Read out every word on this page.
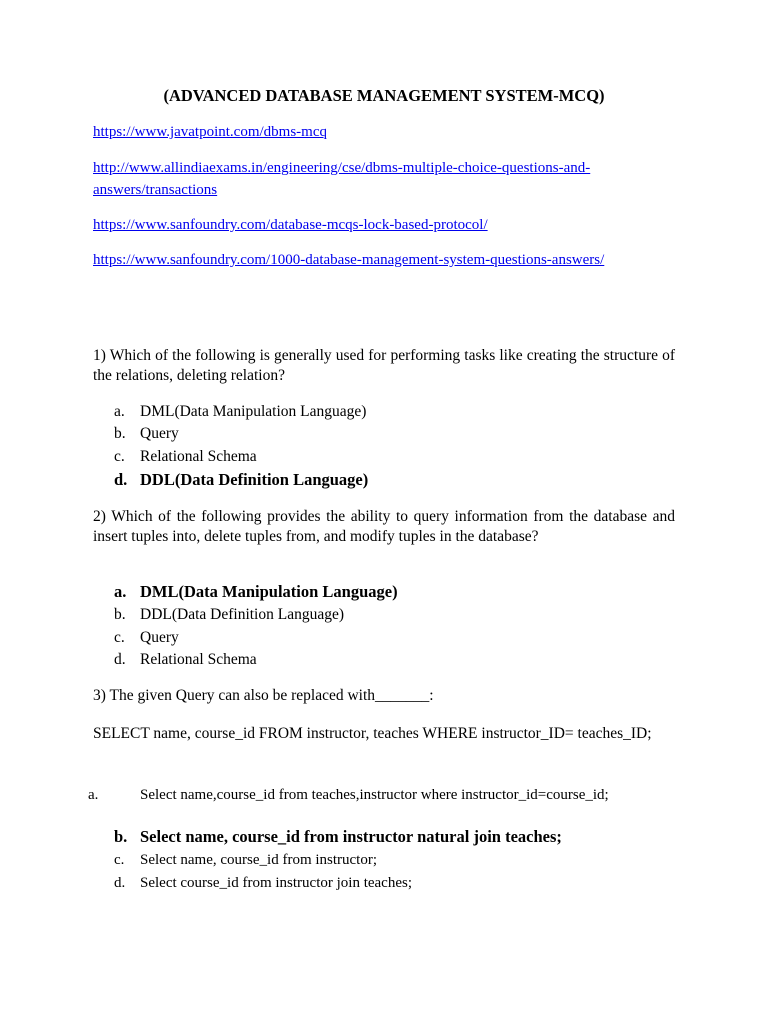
(ADVANCED DATABASE MANAGEMENT SYSTEM-MCQ)
https://www.javatpoint.com/dbms-mcq
http://www.allindiaexams.in/engineering/cse/dbms-multiple-choice-questions-and-answers/transactions
https://www.sanfoundry.com/database-mcqs-lock-based-protocol/
https://www.sanfoundry.com/1000-database-management-system-questions-answers/
1) Which of the following is generally used for performing tasks like creating the structure of the relations, deleting relation?
a. DML(Data Manipulation Language)
b. Query
c. Relational Schema
d. DDL(Data Definition Language)
2) Which of the following provides the ability to query information from the database and insert tuples into, delete tuples from, and modify tuples in the database?
a. DML(Data Manipulation Language)
b. DDL(Data Definition Language)
c. Query
d. Relational Schema
3) The given Query can also be replaced with_______:
SELECT name, course_id FROM instructor, teaches WHERE instructor_ID= teaches_ID;
a.	Select name,course_id from teaches,instructor where instructor_id=course_id;
b. Select name, course_id from instructor natural join teaches;
c. Select name, course_id from instructor;
d. Select course_id from instructor join teaches;
